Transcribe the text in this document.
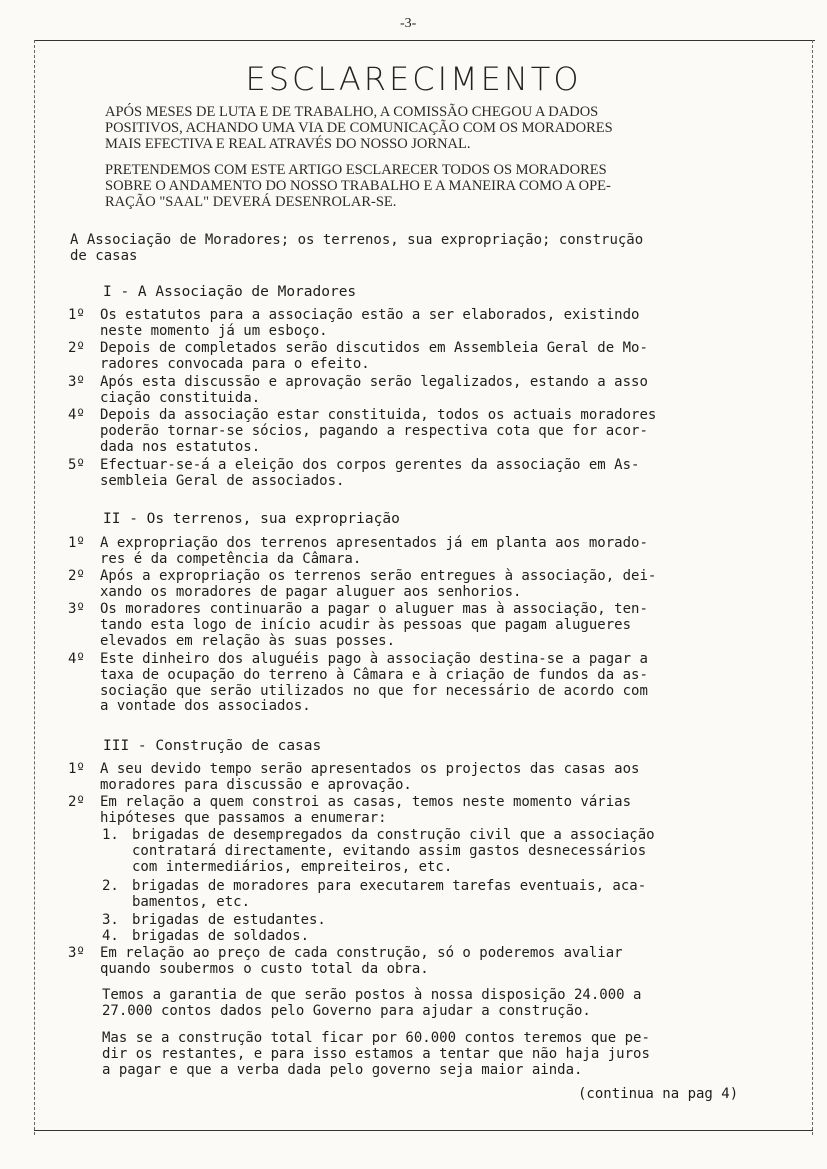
-3-
ESCLARECIMENTO
APÓS MESES DE LUTA E DE TRABALHO, A COMISSÃO CHEGOU A DADOS
POSITIVOS, ACHANDO UMA VIA DE COMUNICAÇÃO COM OS MORADORES
MAIS EFECTIVA E REAL ATRAVÉS DO NOSSO JORNAL.
PRETENDEMOS COM ESTE ARTIGO ESCLARECER TODOS OS MORADORES
SOBRE O ANDAMENTO DO NOSSO TRABALHO E A MANEIRA COMO A OPE-
RAÇÃO "SAAL" DEVERÁ DESENROLAR-SE.
A Associação de Moradores; os terrenos, sua expropriação; construção
de casas
I - A Associação de Moradores
1º	Os estatutos para a associação estão a ser elaborados, existindo
neste momento já um esboço.
2º	Depois de completados serão discutidos em Assembleia Geral de Mo-
radores convocada para o efeito.
3º	Após esta discussão e aprovação serão legalizados, estando a asso
ciação constituida.
4º	Depois da associação estar constituida, todos os actuais moradores
poderão tornar-se sócios, pagando a respectiva cota que for acor-
dada nos estatutos.
5º	Efectuar-se-á a eleição dos corpos gerentes da associação em As-
sembleia Geral de associados.
II - Os terrenos, sua expropriação
1º	A expropriação dos terrenos apresentados já em planta aos morado-
res é da competência da Câmara.
2º	Após a expropriação os terrenos serão entregues à associação, dei-
xando os moradores de pagar aluguer aos senhorios.
3º	Os moradores continuarão a pagar o aluguer mas à associação, ten-
tando esta logo de início acudir às pessoas que pagam alugueres
elevados em relação às suas posses.
4º	Este dinheiro dos aluguéis pago à associação destina-se a pagar a
taxa de ocupação do terreno à Câmara e à criação de fundos da as-
sociação que serão utilizados no que for necessário de acordo com
a vontade dos associados.
III - Construção de casas
1º	A seu devido tempo serão apresentados os projectos das casas aos
moradores para discussão e aprovação.
2º	Em relação a quem constroi as casas, temos neste momento várias
hipóteses que passamos a enumerar:
1. brigadas de desempregados da construção civil que a associação
contratará directamente, evitando assim gastos desnecessários
com intermediários, empreiteiros, etc.
2. brigadas de moradores para executarem tarefas eventuais, aca-
bamentos, etc.
3. brigadas de estudantes.
4. brigadas de soldados.
3º	Em relação ao preço de cada construção, só o poderemos avaliar
quando soubermos o custo total da obra.
Temos a garantia de que serão postos à nossa disposição 24.000 a
27.000 contos dados pelo Governo para ajudar a construção.
Mas se a construção total ficar por 60.000 contos teremos que pe-
dir os restantes, e para isso estamos a tentar que não haja juros
a pagar e que a verba dada pelo governo seja maior ainda.
(continua na pag 4)
